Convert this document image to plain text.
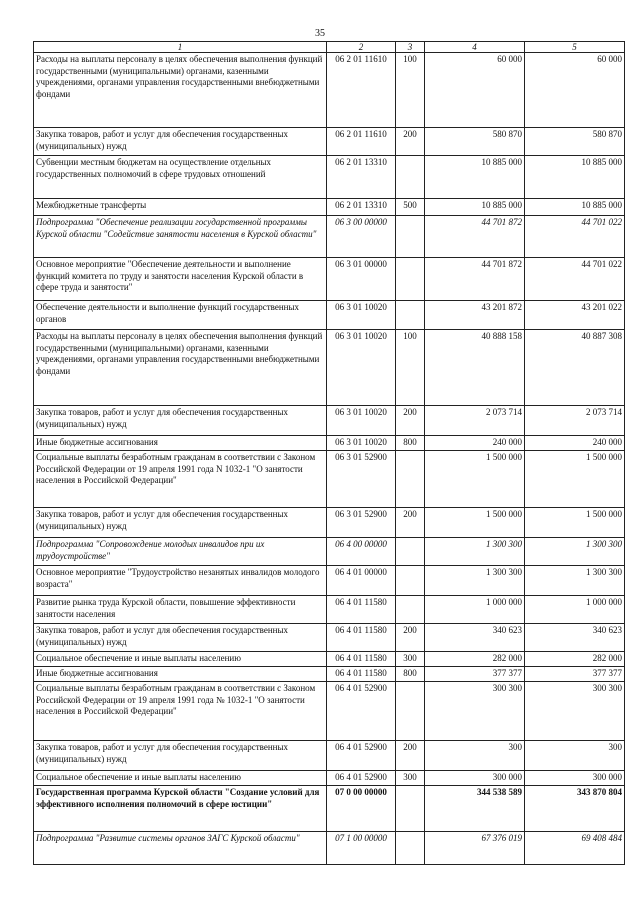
35
1	2	3	4	5
Расходы на выплаты персоналу в целях обеспечения выполнения функций государственными (муниципальными) органами, казенными учреждениями, органами управления государственными внебюджетными фондами	06 2 01 11610	100	60 000	60 000
Закупка товаров, работ и услуг для обеспечения государственных (муниципальных) нужд	06 2 01 11610	200	580 870	580 870
Субвенции местным бюджетам на осуществление отдельных государственных полномочий в сфере трудовых отношений	06 2 01 13310		10 885 000	10 885 000
Межбюджетные трансферты	06 2 01 13310	500	10 885 000	10 885 000
Подпрограмма "Обеспечение реализации государственной программы Курской области "Содействие занятости населения в Курской области"	06 3 00 00000		44 701 872	44 701 022
Основное мероприятие "Обеспечение деятельности и выполнение функций комитета по труду и занятости населения Курской области в сфере труда и занятости"	06 3 01 00000		44 701 872	44 701 022
Обеспечение деятельности и выполнение функций государственных органов	06 3 01 10020		43 201 872	43 201 022
Расходы на выплаты персоналу в целях обеспечения выполнения функций государственными (муниципальными) органами, казенными учреждениями, органами управления государственными внебюджетными фондами	06 3 01 10020	100	40 888 158	40 887 308
Закупка товаров, работ и услуг для обеспечения государственных (муниципальных) нужд	06 3 01 10020	200	2 073 714	2 073 714
Иные бюджетные ассигнования	06 3 01 10020	800	240 000	240 000
Социальные выплаты безработным гражданам в соответствии с Законом Российской Федерации от 19 апреля 1991 года N 1032-1 "О занятости населения в Российской Федерации"	06 3 01 52900		1 500 000	1 500 000
Закупка товаров, работ и услуг для обеспечения государственных (муниципальных) нужд	06 3 01 52900	200	1 500 000	1 500 000
Подпрограмма "Сопровождение молодых инвалидов при их трудоустройстве"	06 4 00 00000		1 300 300	1 300 300
Основное мероприятие "Трудоустройство незанятых инвалидов молодого возраста"	06 4 01 00000		1 300 300	1 300 300
Развитие рынка труда Курской области, повышение эффективности занятости населения	06 4 01 11580		1 000 000	1 000 000
Закупка товаров, работ и услуг для обеспечения государственных (муниципальных) нужд	06 4 01 11580	200	340 623	340 623
Социальное обеспечение и иные выплаты населению	06 4 01 11580	300	282 000	282 000
Иные бюджетные ассигнования	06 4 01 11580	800	377 377	377 377
Социальные выплаты безработным гражданам в соответствии с Законом Российской Федерации от 19 апреля 1991 года № 1032-1 "О занятости населения в Российской Федерации"	06 4 01 52900		300 300	300 300
Закупка товаров, работ и услуг для обеспечения государственных (муниципальных) нужд	06 4 01 52900	200	300	300
Социальное обеспечение и иные выплаты населению	06 4 01 52900	300	300 000	300 000
Государственная программа Курской области "Создание условий для эффективного исполнения полномочий в сфере юстиции"	07 0 00 00000		344 538 589	343 870 804
Подпрограмма "Развитие системы органов ЗАГС Курской области"	07 1 00 00000		67 376 019	69 408 484
